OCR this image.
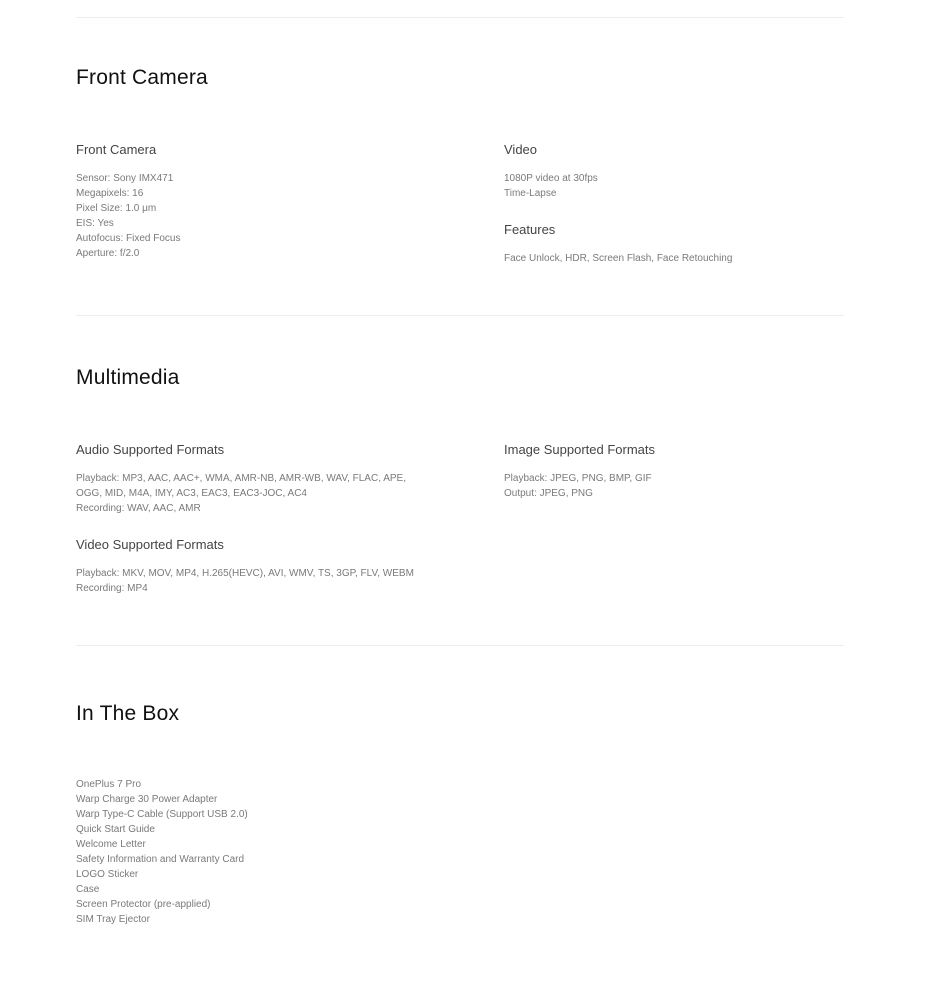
Front Camera
Front Camera
Sensor: Sony IMX471
Megapixels: 16
Pixel Size: 1.0 μm
EIS: Yes
Autofocus: Fixed Focus
Aperture: f/2.0
Video
1080P video at 30fps
Time-Lapse
Features
Face Unlock, HDR, Screen Flash, Face Retouching
Multimedia
Audio Supported Formats
Playback: MP3, AAC, AAC+, WMA, AMR-NB, AMR-WB, WAV, FLAC, APE,
OGG, MID, M4A, IMY, AC3, EAC3, EAC3-JOC, AC4
Recording: WAV, AAC, AMR
Image Supported Formats
Playback: JPEG, PNG, BMP, GIF
Output: JPEG, PNG
Video Supported Formats
Playback: MKV, MOV, MP4, H.265(HEVC), AVI, WMV, TS, 3GP, FLV, WEBM
Recording: MP4
In The Box
OnePlus 7 Pro
Warp Charge 30 Power Adapter
Warp Type-C Cable (Support USB 2.0)
Quick Start Guide
Welcome Letter
Safety Information and Warranty Card
LOGO Sticker
Case
Screen Protector (pre-applied)
SIM Tray Ejector
